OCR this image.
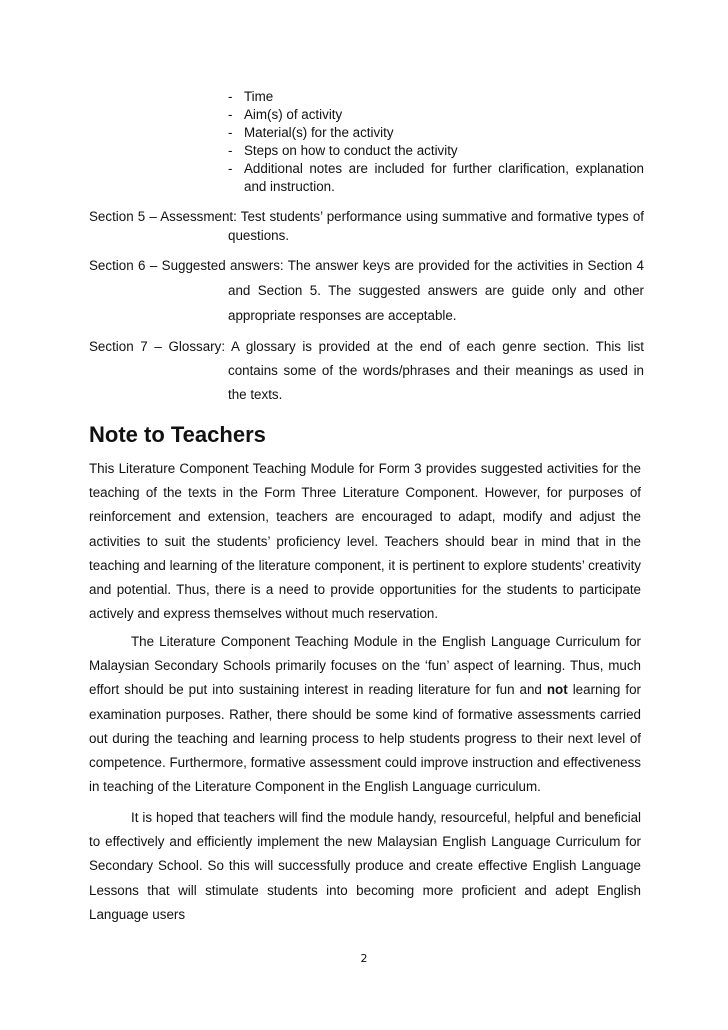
- Time
- Aim(s) of activity
- Material(s) for the activity
- Steps on how to conduct the activity
- Additional notes are included for further clarification, explanation and instruction.

Section 5 – Assessment: Test students’ performance using summative and formative types of questions.

Section 6 – Suggested answers: The answer keys are provided for the activities in Section 4 and Section 5. The suggested answers are guide only and other appropriate responses are acceptable.

Section 7 – Glossary: A glossary is provided at the end of each genre section. This list contains some of the words/phrases and their meanings as used in the texts.

Note to Teachers

This Literature Component Teaching Module for Form 3 provides suggested activities for the teaching of the texts in the Form Three Literature Component. However, for purposes of reinforcement and extension, teachers are encouraged to adapt, modify and adjust the activities to suit the students’ proficiency level. Teachers should bear in mind that in the teaching and learning of the literature component, it is pertinent to explore students’ creativity and potential. Thus, there is a need to provide opportunities for the students to participate actively and express themselves without much reservation.

The Literature Component Teaching Module in the English Language Curriculum for Malaysian Secondary Schools primarily focuses on the ‘fun’ aspect of learning. Thus, much effort should be put into sustaining interest in reading literature for fun and not learning for examination purposes. Rather, there should be some kind of formative assessments carried out during the teaching and learning process to help students progress to their next level of competence. Furthermore, formative assessment could improve instruction and effectiveness in teaching of the Literature Component in the English Language curriculum.

It is hoped that teachers will find the module handy, resourceful, helpful and beneficial to effectively and efficiently implement the new Malaysian English Language Curriculum for Secondary School. So this will successfully produce and create effective English Language Lessons that will stimulate students into becoming more proficient and adept English Language users

2
